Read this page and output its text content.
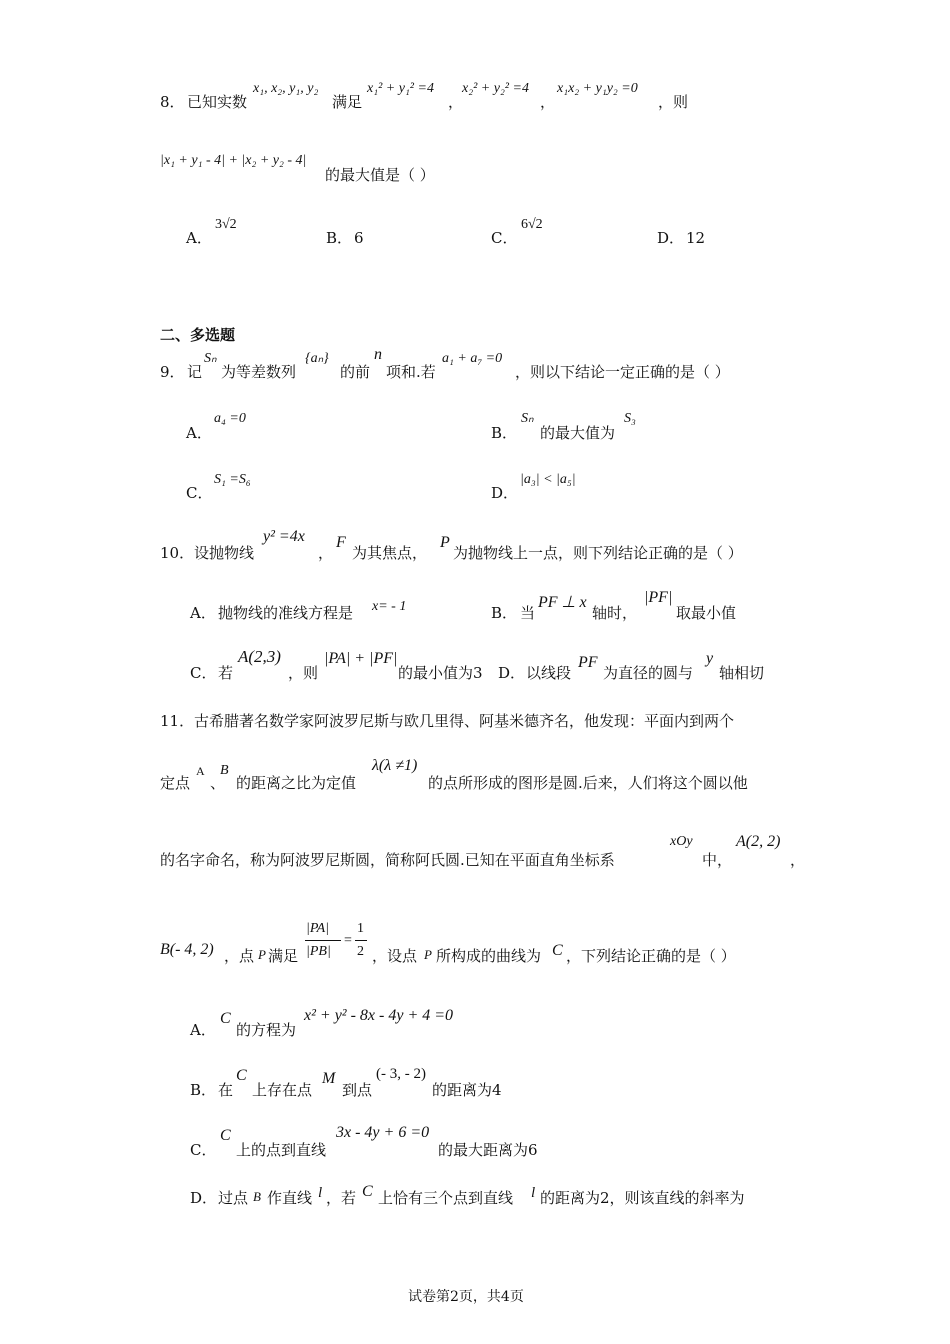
8． 已知实数
x₁, x₂, y₁, y₂
满足
x₁² + y₁² =4
，
x₂² + y₂² =4
，
x₁x₂ + y₁y₂ =0
，则
|x₁ + y₁ - 4| + |x₂ + y₂ - 4|
的最大值是（ ）
A．
3√2
B． 6	C．
6√2
D． 12
二、多选题
9． 记
Sₙ
为等差数列
{aₙ}
的前
n
项和.若
a₁ + a₇ =0
，则以下结论一定正确的是（ ）
A．
a₄ =0
B．
Sₙ
的最大值为
S₃
C．
S₁ =S₆
D．
|a₃| < |a₅|
10． 设抛物线
y² =4x
，
F
为其焦点，
P
为抛物线上一点，则下列结论正确的是（ ）
A． 抛物线的准线方程是 x= - 1	B． 当
PF ⊥ x
轴时，
|PF|
取最小值
C． 若
A(2,3)
，则
|PA| + |PF|
的最小值为3 D． 以线段
PF
为直径的圆与
y
轴相切
11． 古希腊著名数学家阿波罗尼斯与欧几里得、阿基米德齐名，他发现：平面内到两个
定点
A
、
B
的距离之比为定值
λ(λ ≠1)
的点所形成的图形是圆.后来，人们将这个圆以他
的名字命名，称为阿波罗尼斯圆，简称阿氏圆.已知在平面直角坐标系
xOy
中，
A(2, 2)
，
B(- 4, 2) ，点 P 满足
|PA|
|PB|
=
1
2 ，设点 P 所构成的曲线为 C ，下列结论正确的是（ ）
A．
C
的方程为
x² + y² - 8x - 4y + 4 =0
B． 在
C
上存在点
M
到点
(- 3, - 2)
的距离为4
C．
C
上的点到直线
3x - 4y + 6 =0
的最大距离为6
D． 过点 B 作直线 l ，若 C 上恰有三个点到直线 l 的距离为2，则该直线的斜率为
试卷第2页，共4页
